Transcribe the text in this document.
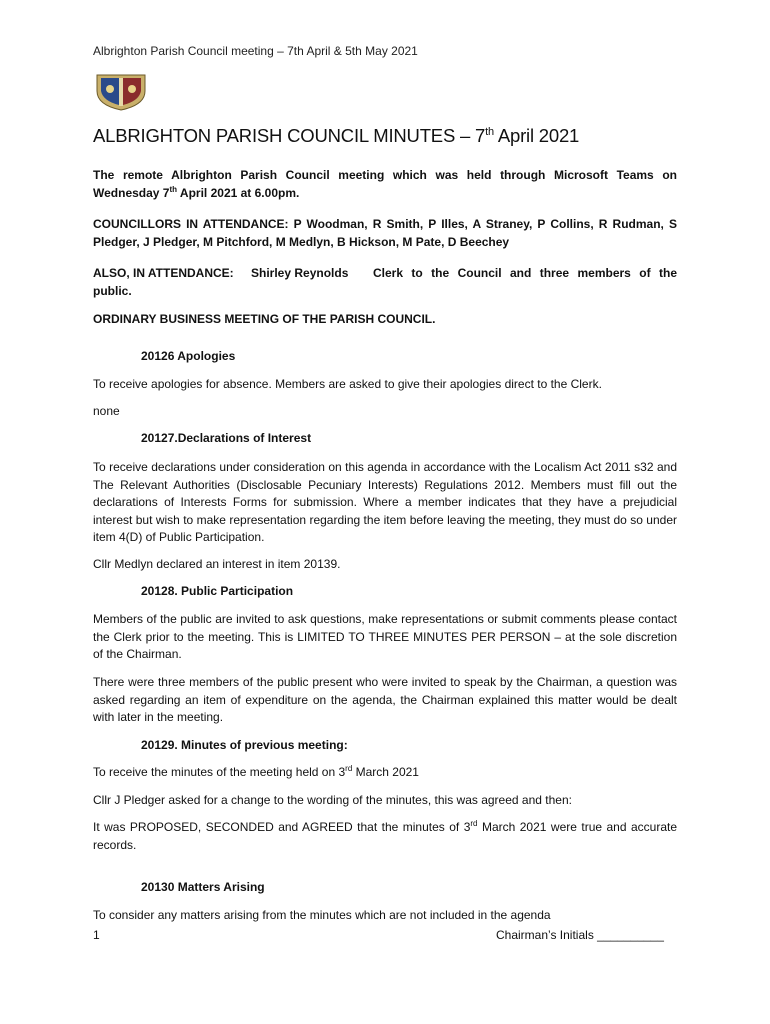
Albrighton Parish Council meeting – 7th April & 5th May 2021
ALBRIGHTON PARISH COUNCIL MINUTES – 7th April 2021
The remote Albrighton Parish Council meeting which was held through Microsoft Teams on Wednesday 7th April 2021 at 6.00pm.
COUNCILLORS IN ATTENDANCE: P Woodman, R Smith, P Illes, A Straney, P Collins, R Rudman, S Pledger, J Pledger, M Pitchford, M Medlyn, B Hickson, M Pate, D Beechey
ALSO, IN ATTENDANCE:	Shirley Reynolds	Clerk to the Council and three members of the
public.
ORDINARY BUSINESS MEETING OF THE PARISH COUNCIL.
20126 Apologies
To receive apologies for absence. Members are asked to give their apologies direct to the Clerk.
none
20127.Declarations of Interest
To receive declarations under consideration on this agenda in accordance with the Localism Act 2011 s32 and The Relevant Authorities (Disclosable Pecuniary Interests) Regulations 2012. Members must fill out the declarations of Interests Forms for submission. Where a member indicates that they have a prejudicial interest but wish to make representation regarding the item before leaving the meeting, they must do so under item 4(D) of Public Participation.
Cllr Medlyn declared an interest in item 20139.
20128. Public Participation
Members of the public are invited to ask questions, make representations or submit comments please contact the Clerk prior to the meeting. This is LIMITED TO THREE MINUTES PER PERSON – at the sole discretion of the Chairman.
There were three members of the public present who were invited to speak by the Chairman, a question was asked regarding an item of expenditure on the agenda, the Chairman explained this matter would be dealt with later in the meeting.
20129. Minutes of previous meeting:
To receive the minutes of the meeting held on 3rd March 2021
Cllr J Pledger asked for a change to the wording of the minutes, this was agreed and then:
It was PROPOSED, SECONDED and AGREED that the minutes of 3rd March 2021 were true and accurate records.
20130 Matters Arising
To consider any matters arising from the minutes which are not included in the agenda
1	Chairman’s Initials __________
